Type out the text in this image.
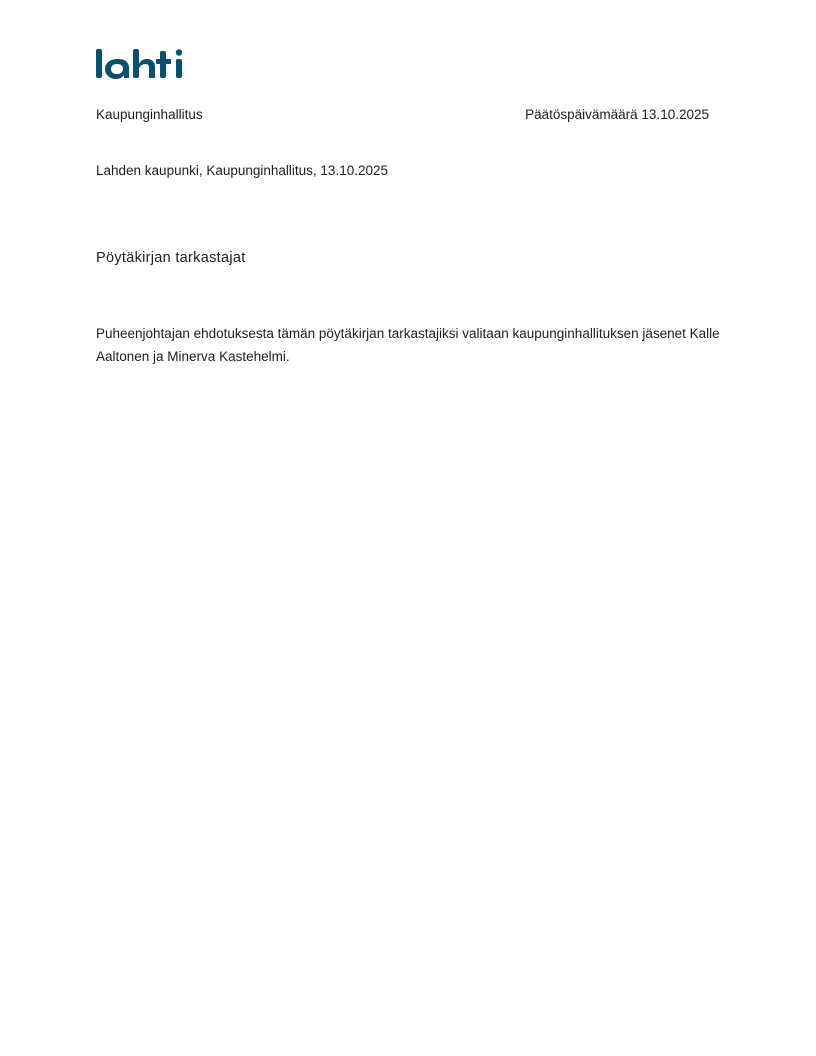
Kaupunginhallitus	Päätöspäivämäärä 13.10.2025
Lahden kaupunki, Kaupunginhallitus, 13.10.2025
Pöytäkirjan tarkastajat

Puheenjohtajan ehdotuksesta tämän pöytäkirjan tarkastajiksi valitaan kaupunginhallituksen jäsenet Kalle Aaltonen ja Minerva Kastehelmi.
